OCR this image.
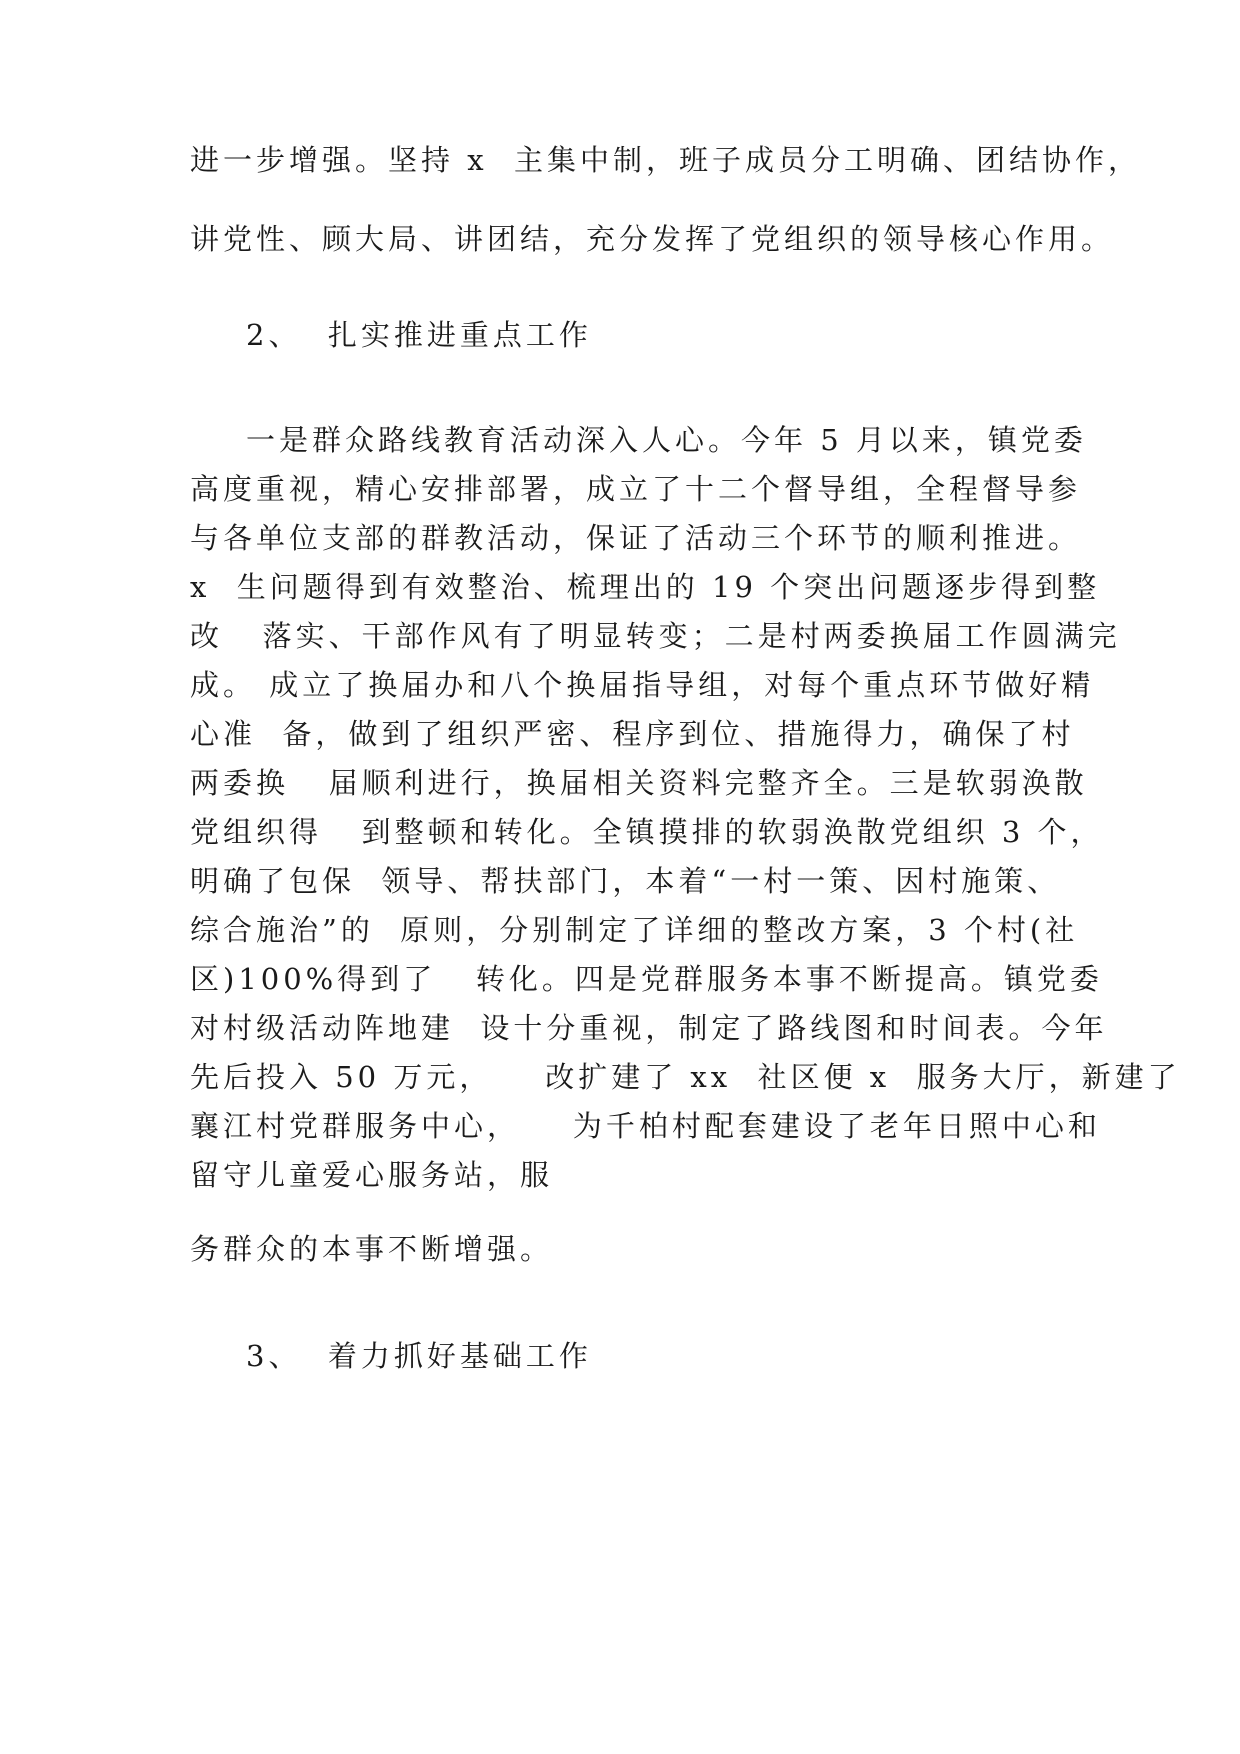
进一步增强。坚持 x  主集中制，班子成员分工明确、团结协作，

讲党性、顾大局、讲团结，充分发挥了党组织的领导核心作用。

2、  扎实推进重点工作

一是群众路线教育活动深入人心。今年 5 月以来，镇党委

高度重视，精心安排部署，成立了十二个督导组，全程督导参

与各单位支部的群教活动，保证了活动三个环节的顺利推进。

x  生问题得到有效整治、梳理出的 19 个突出问题逐步得到整

改   落实、干部作风有了明显转变；二是村两委换届工作圆满完

成。 成立了换届办和八个换届指导组，对每个重点环节做好精

心准  备，做到了组织严密、程序到位、措施得力，确保了村

两委换   届顺利进行，换届相关资料完整齐全。三是软弱涣散

党组织得   到整顿和转化。全镇摸排的软弱涣散党组织 3 个，

明确了包保  领导、帮扶部门，本着“一村一策、因村施策、

综合施治”的  原则，分别制定了详细的整改方案，3 个村(社

区)100%得到了   转化。四是党群服务本事不断提高。镇党委

对村级活动阵地建  设十分重视，制定了路线图和时间表。今年

先后投入 50 万元，    改扩建了 xx  社区便 x  服务大厅，新建了

襄江村党群服务中心，    为千柏村配套建设了老年日照中心和

留守儿童爱心服务站，服

务群众的本事不断增强。

3、  着力抓好基础工作
